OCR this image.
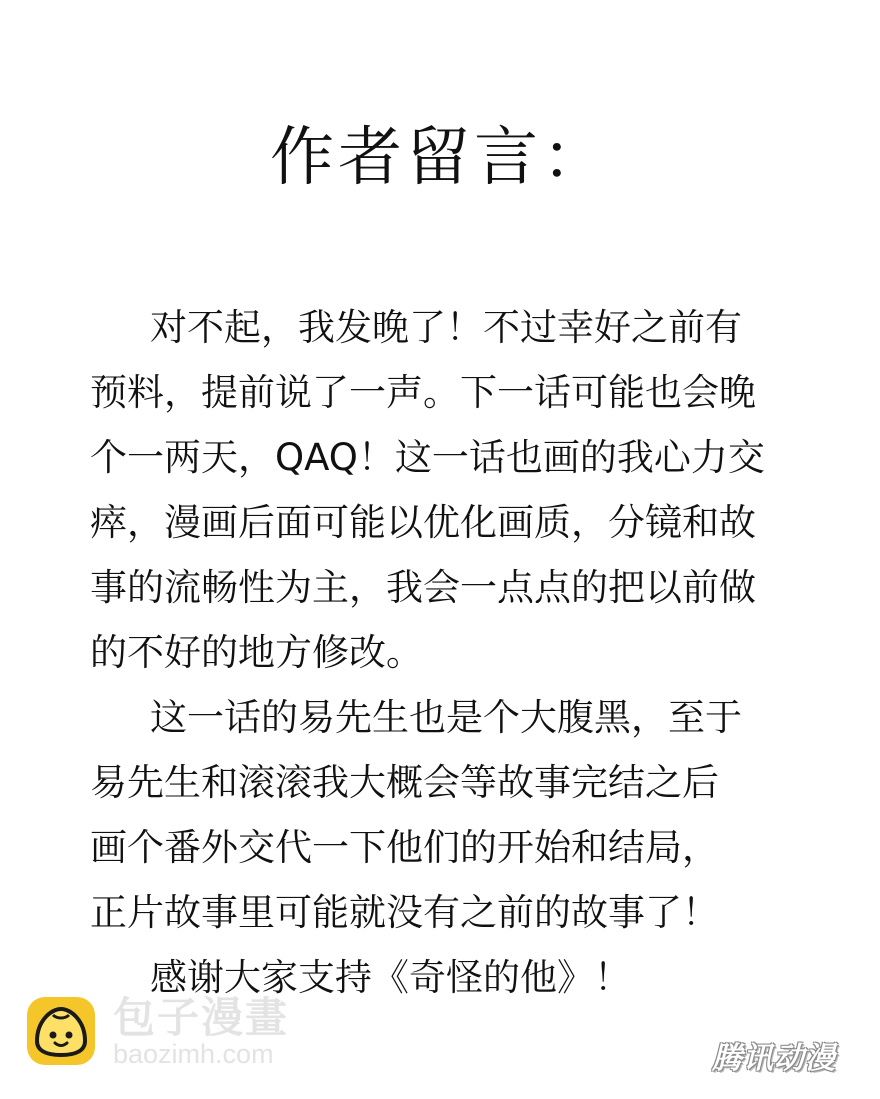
作者留言：
对不起，我发晚了！不过幸好之前有
预料，提前说了一声。下一话可能也会晚
个一两天，QAQ！这一话也画的我心力交
瘁，漫画后面可能以优化画质，分镜和故
事的流畅性为主，我会一点点的把以前做
的不好的地方修改。
这一话的易先生也是个大腹黑，至于
易先生和滚滚我大概会等故事完结之后
画个番外交代一下他们的开始和结局，
正片故事里可能就没有之前的故事了！
感谢大家支持《奇怪的他》！
包子漫畫
baozimh.com	腾讯动漫
